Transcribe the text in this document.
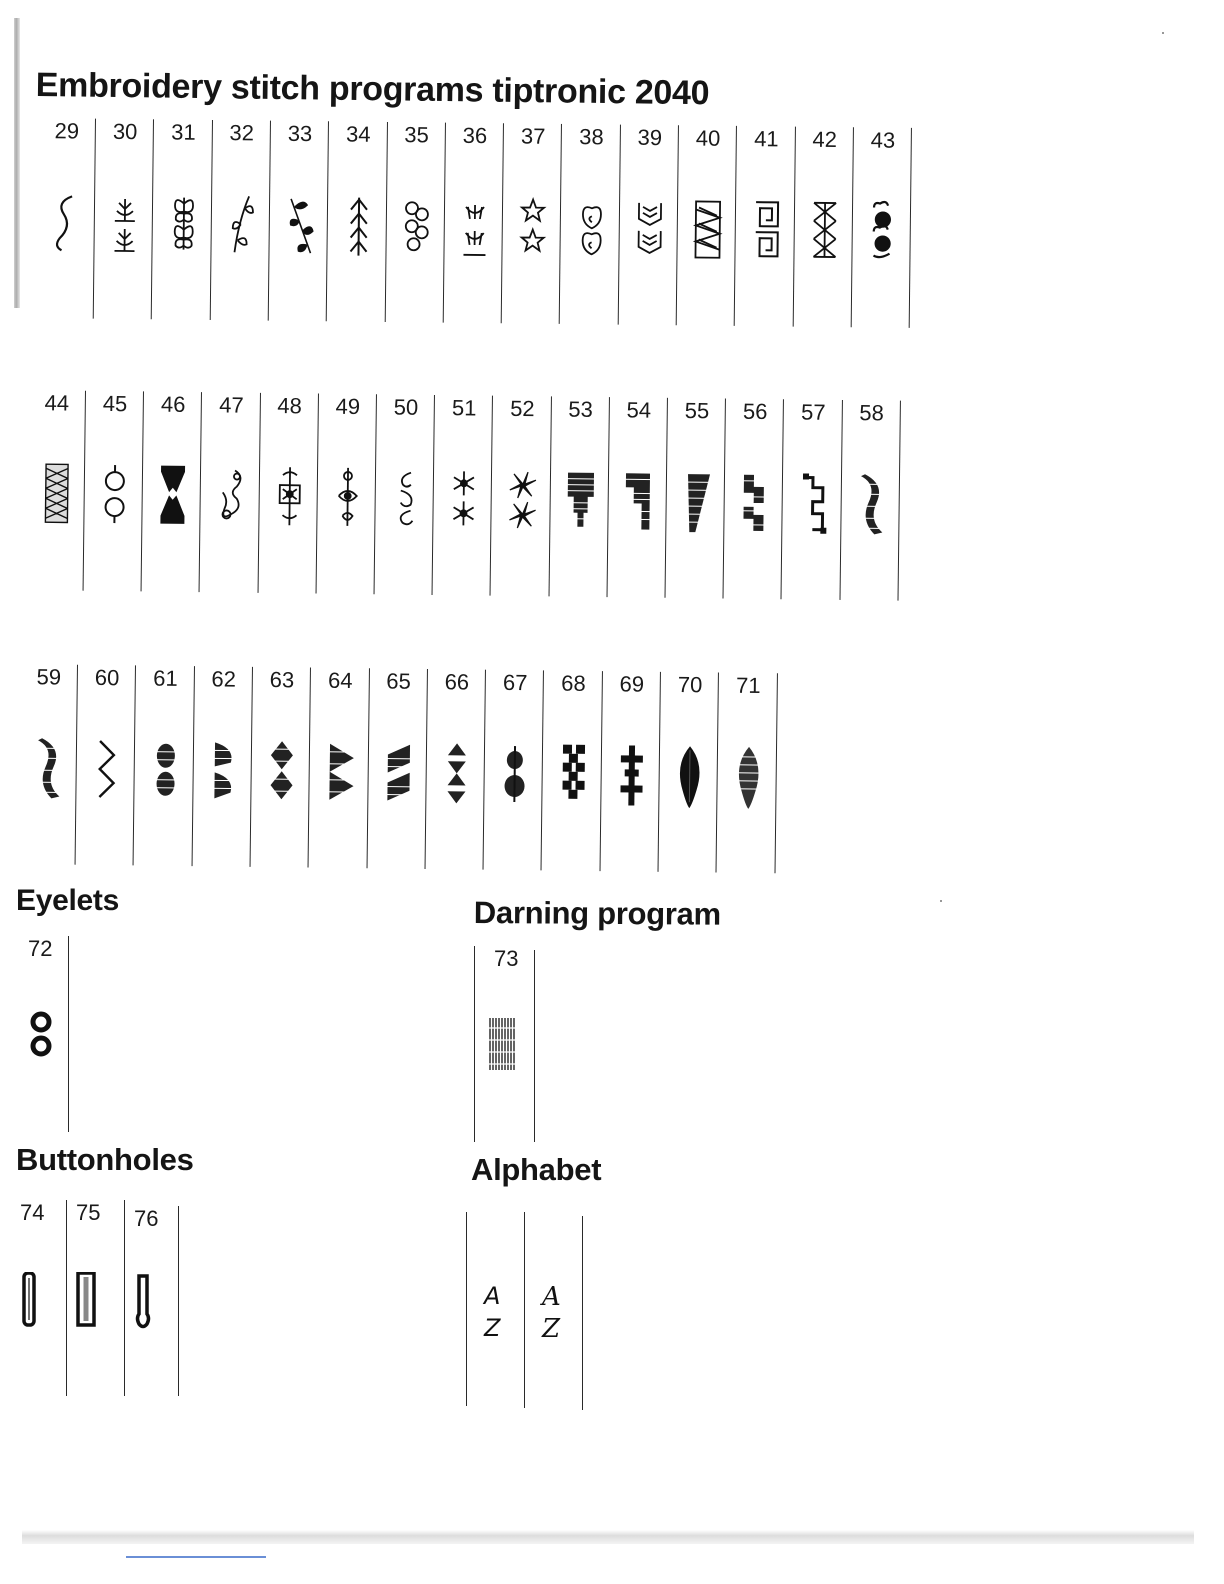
Embroidery stitch programs tiptronic 2040
29	30	31	32	33	34	35	36	37	38	39	40	41	42	43
44	45	46	47	48	49	50	51	52	53	54	55	56	57	58
59	60	61	62	63	64	65	66	67	68	69	70	71
Eyelets
72
Darning program
73
Buttonholes
74 75 76
Alphabet
A
Z
A
Z
